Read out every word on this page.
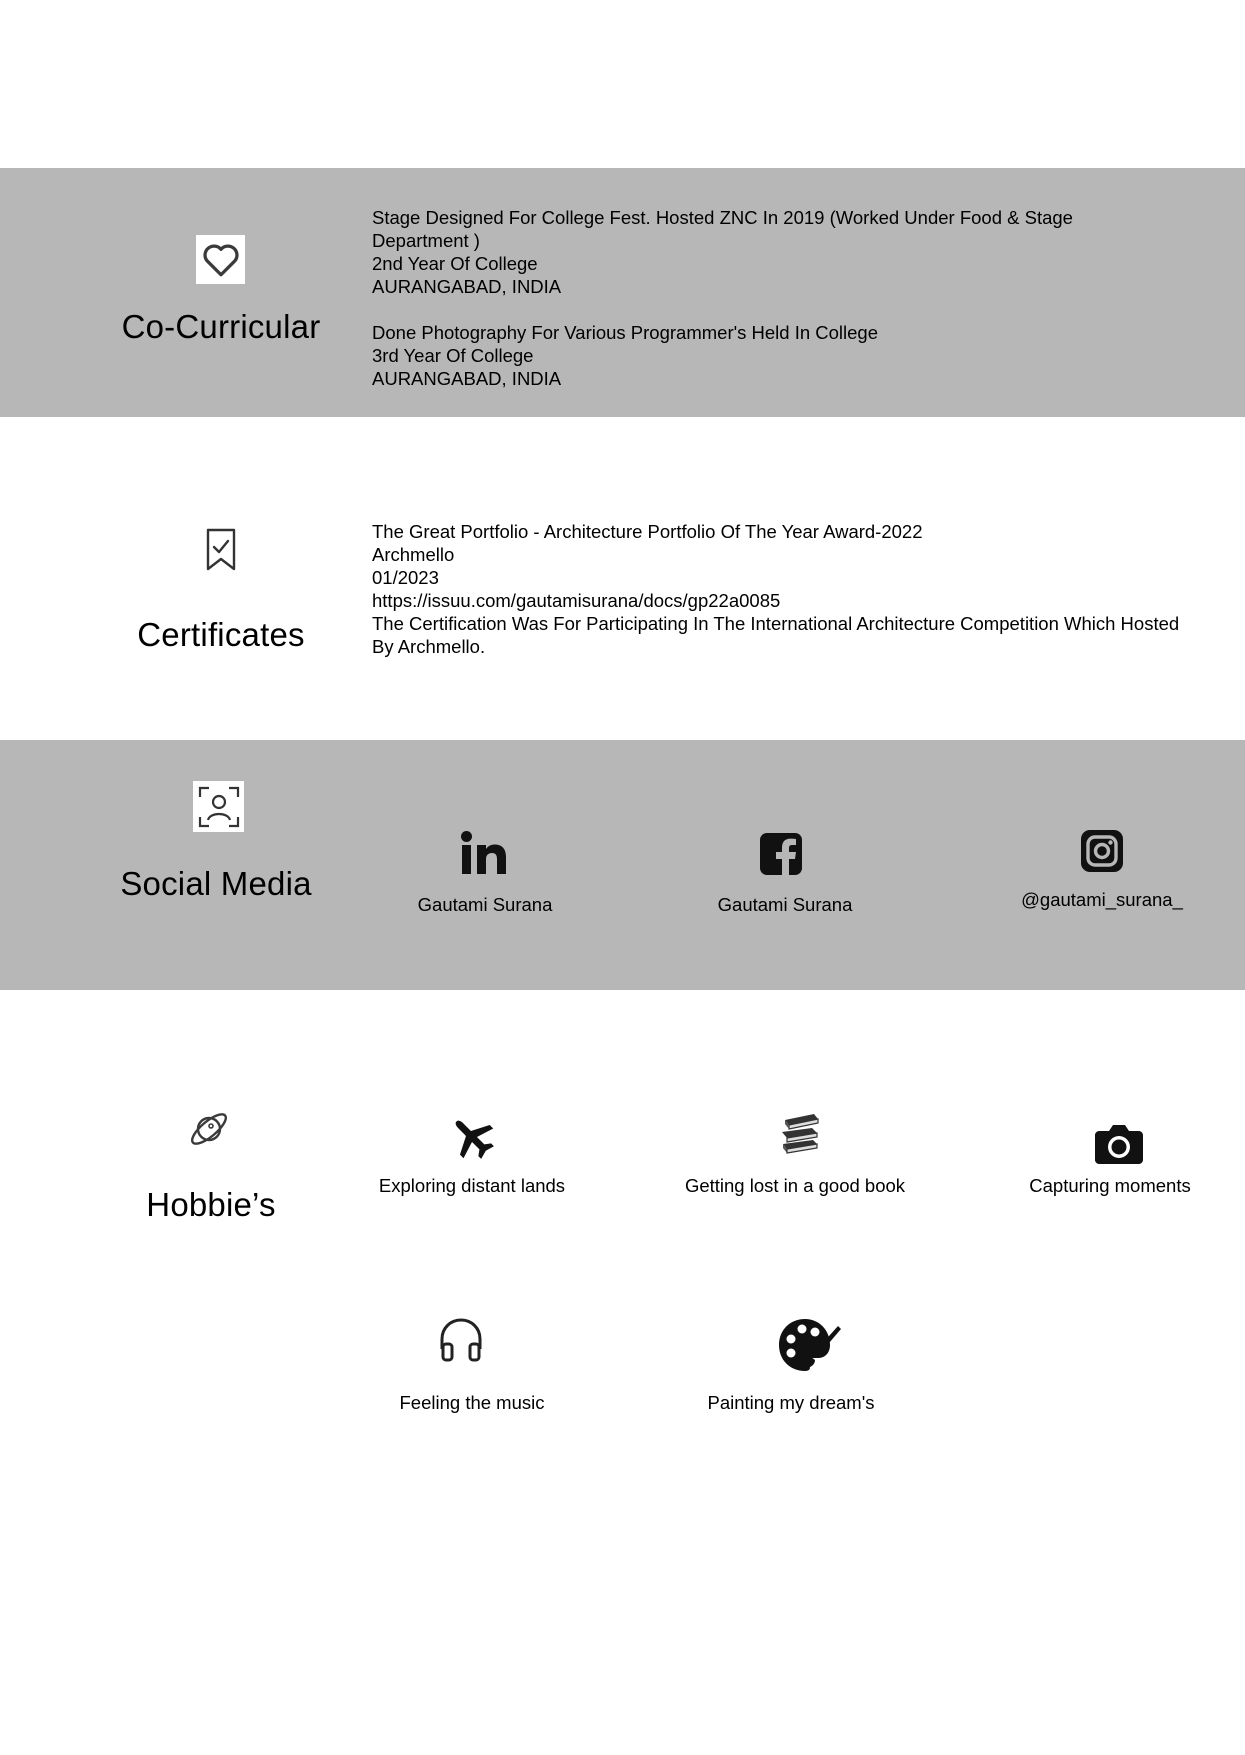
Co-Curricular
Stage Designed For College Fest. Hosted ZNC In 2019 (Worked Under Food & Stage Department )
2nd Year Of College
AURANGABAD, INDIA
Done Photography For Various Programmer's Held In College
3rd Year Of College
AURANGABAD, INDIA
Certificates
The Great Portfolio - Architecture Portfolio Of The Year Award-2022
Archmello
01/2023
https://issuu.com/gautamisurana/docs/gp22a0085
The Certification Was For Participating In The International Architecture Competition Which Hosted By Archmello.
Social Media
Gautami Surana	Gautami Surana	@gautami_surana_
Hobbie’s
Exploring distant lands	Getting lost in a good book	Capturing moments
Feeling the music	Painting my dream's
